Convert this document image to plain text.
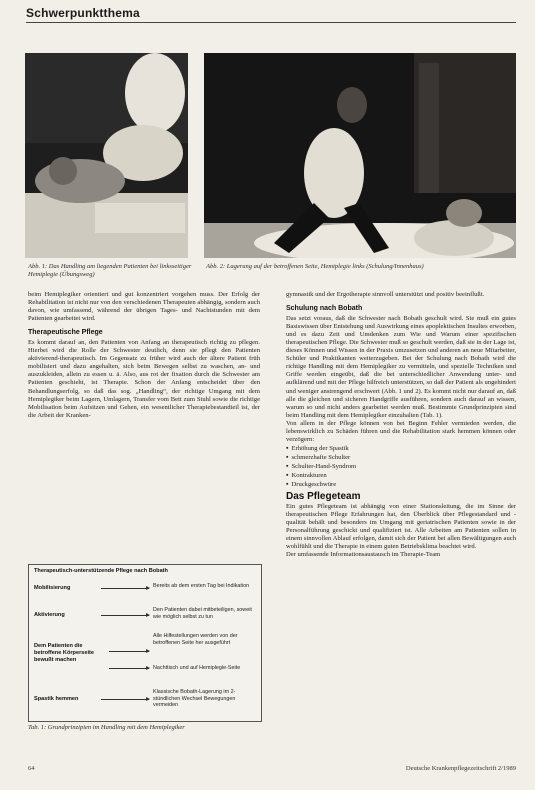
Schwerpunktthema
Abb. 1: Das Handling am liegenden Patienten bei linksseitiger Hemiplegie (Übungsweg)
Abb. 2: Lagerung auf der betroffenen Seite, Hemiplegie links (Schulung/Innenhaus)

beim Hemiplegiker orientiert und gut konzentriert vorgehen muss. Der Erfolg der Rehabilitation ist nicht nur von den verschiedenen Therapeuten abhängig, sondern auch davon, wie umfassend, während der übrigen Tages- und Nachtstunden mit dem Patienten gearbeitet wird.

Therapeutische Pflege

Es kommt darauf an, den Patienten von Anfang an therapeutisch richtig zu pflegen. Hierbei wird die Rolle der Schwester deutlich, denn sie pflegt den Patienten aktivierend-therapeutisch. Im Gegensatz zu früher wird auch der ältere Patient früh mobilisiert und dazu angehalten, sich beim Bewegen selbst zu waschen, an- und auszukleiden, allein zu essen u. ä. Also, aus rot der fixation durch die Schwester am Patienten geschieht, ist Therapie. Schon der Anfang entscheidet über den Behandlungserfolg, so daß das sog. „Handling“, der richtige Umgang mit dem Hemiplegiker beim Lagern, Umlagern, Transfer vom Bett zum Stuhl sowie die richtige Mobilisation beim Aufsitzen und Gehen, ein wesentlicher Therapiebestandteil ist, der die Arbeit der Kranken-

Therapeutisch-unterstützende Pflege nach Bobath
Mobilisierung	Bereits ab dem ersten Tag bei Indikation
Aktivierung
Den Patienten dabei mitbeteiligen, soweit wie möglich selbst zu tun
Dem Patienten die betroffene Körperseite bewußt machen
Alle Hilfestellungen werden von der betroffenen Seite her ausgeführt
Nachttisch und auf Hemiplegie-Seite
Spastik hemmen
Klassische Bobath-Lagerung im 2-stündlichen Wechsel Bewegungen vermeiden
Tab. 1: Grundprinzipien im Handling mit dem Hemiplegiker

gymnastik und der Ergotherapie sinnvoll unterstützt und positiv beeinflußt.

Schulung nach Bobath

Das setzt voraus, daß die Schwester nach Bobath geschult wird. Sie muß ein gutes Basiswissen über Entstehung und Auswirkung eines apoplektischen Insultes erworben, und es dazu Zeit und Umdenken zum Wie und Warum einer spezifischen therapeutischen Pflege. Die Schwester muß so geschult werden, daß sie in der Lage ist, dieses Können und Wissen in der Praxis umzusetzen und anderen an neue Mitarbeiter, Schüler und Praktikanten weiterzugeben. Bei der Schulung nach Bobath wird die richtige Handling mit dem Hemiplegiker zu vermitteln, und spezielle Techniken und Griffe werden eingeübt, daß die bei unterschiedlicher Anwendung unter- und aufklärend und mit der Pflege hilfreich unterstützen, so daß der Patient als ungehindert und weniger anstrengend erschwert (Abb. 1 und 2). Es kommt nicht nur darauf an, daß alle die gleichen und sicheren Handgriffe ausführen, sondern auch darauf an wissen, warum so und nicht anders gearbeitet werden muß. Bestimmte Grundprinzipien sind beim Handling mit dem Hemiplegiker einzuhalten (Tab. 1).

Von allem in der Pflege können von bei Beginn Fehler vermieden werden, die lebenswirklich zu Schäden führen und die Rehabilitation stark hemmen können oder verzögern:

▪ Erhöhung der Spastik
▪ schmerzhafte Schulter
▪ Schulter-Hand-Syndrom
▪ Kontrakturen
▪ Druckgeschwüre
Das Pflegeteam

Ein gutes Pflegeteam ist abhängig von einer Stationsleitung, die im Sinne der therapeutischen Pflege Erfahrungen hat, den Überblick über Pflegestandard und -qualität behält und besonders im Umgang mit geriatrischen Patienten sowie in der Personalführung geschickt und qualifiziert ist. Alle Arbeiten am Patienten sollen in einem sinnvollen Ablauf erfolgen, damit sich der Patient bei allen Bewältigungen auch wohlfühlt und die Therapie in einem guten Betriebsklima beachtet wird.

Der umfassende Informationsaustausch im Therapie-Team

64	Deutsche Krankenpflegezeitschrift 2/1989
